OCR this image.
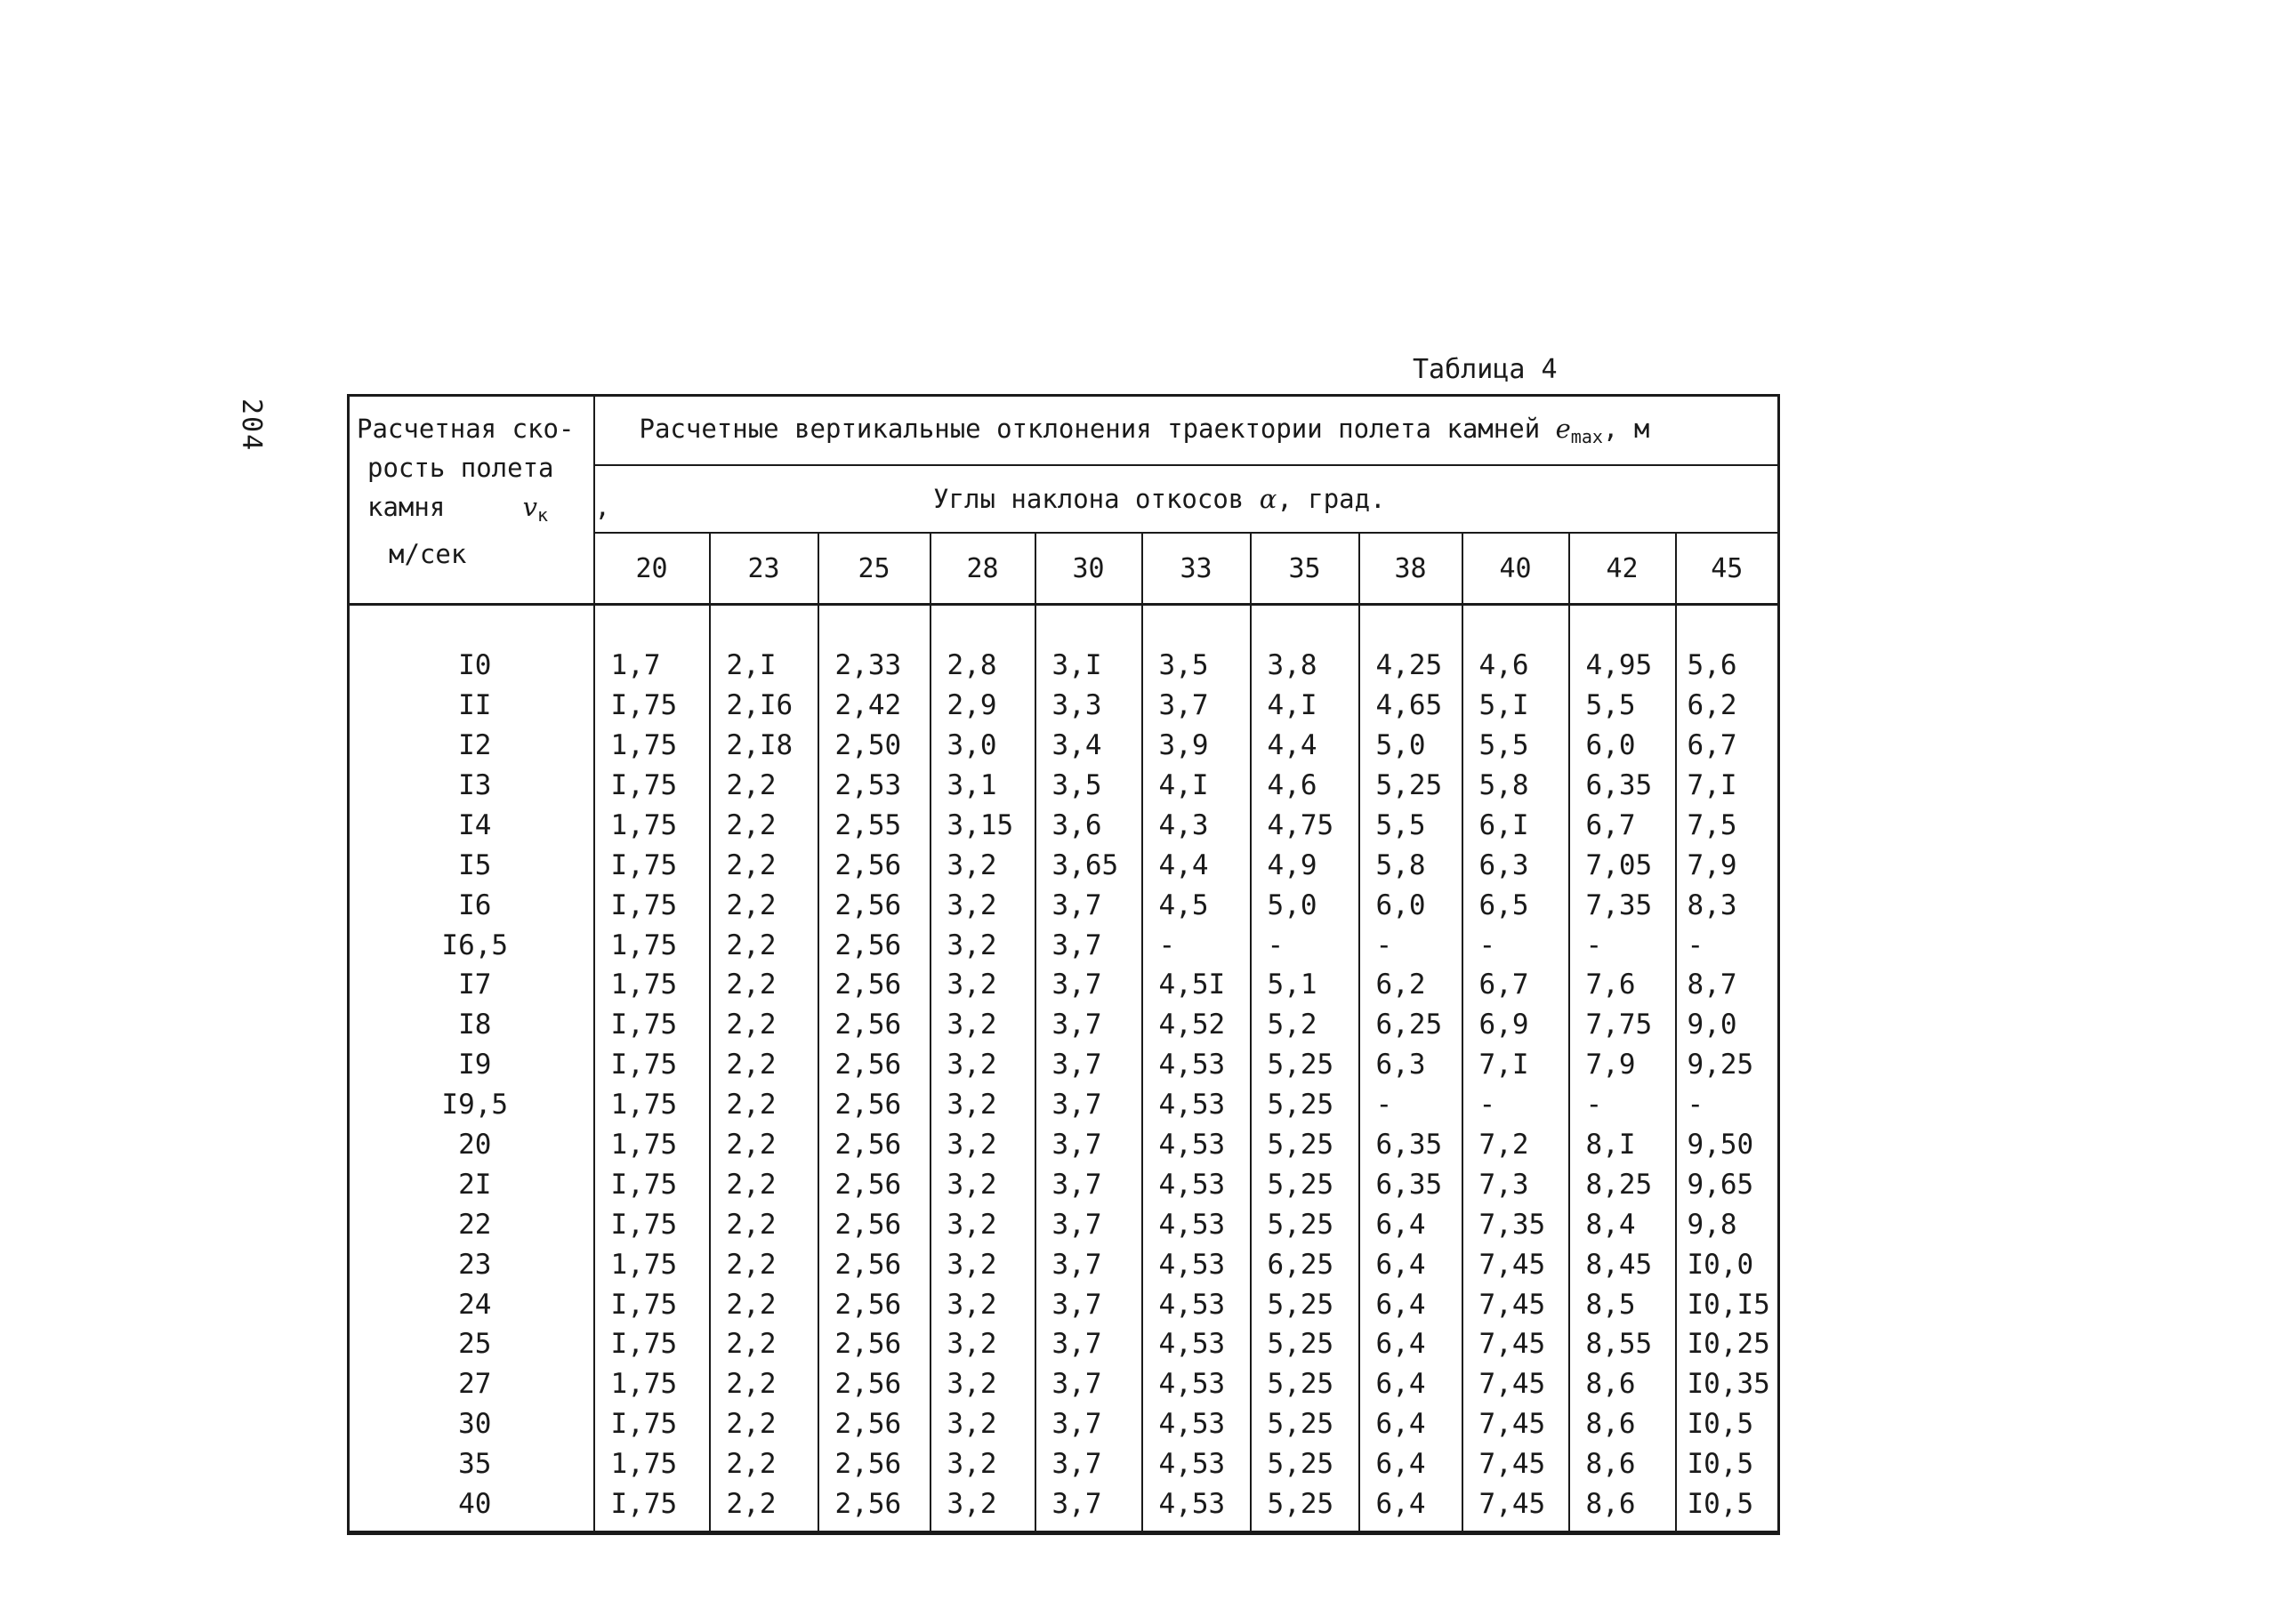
204
Таблица 4
Расчетная ско-
рость полета
камня $v_к$ ,
м/сек	Расчетные вертикальные отклонения траектории полета камней $e_{max}$, м										
	Углы наклона откосов α, град.										
	20	23	25	28	30	33	35	38	40	42	45

I0	1,7	2,I	2,33	2,8	3,I	3,5	3,8	4,25	4,6	4,95	5,6
II	I,75	2,I6	2,42	2,9	3,3	3,7	4,I	4,65	5,I	5,5	6,2
I2	1,75	2,I8	2,50	3,0	3,4	3,9	4,4	5,0	5,5	6,0	6,7
I3	I,75	2,2	2,53	3,1	3,5	4,I	4,6	5,25	5,8	6,35	7,I
I4	1,75	2,2	2,55	3,15	3,6	4,3	4,75	5,5	6,I	6,7	7,5
I5	I,75	2,2	2,56	3,2	3,65	4,4	4,9	5,8	6,3	7,05	7,9
I6	I,75	2,2	2,56	3,2	3,7	4,5	5,0	6,0	6,5	7,35	8,3
I6,5	1,75	2,2	2,56	3,2	3,7	-	-	-	-	-	-
I7	1,75	2,2	2,56	3,2	3,7	4,5I	5,1	6,2	6,7	7,6	8,7
I8	I,75	2,2	2,56	3,2	3,7	4,52	5,2	6,25	6,9	7,75	9,0
I9	I,75	2,2	2,56	3,2	3,7	4,53	5,25	6,3	7,I	7,9	9,25
I9,5	1,75	2,2	2,56	3,2	3,7	4,53	5,25	-	-	-	-
20	1,75	2,2	2,56	3,2	3,7	4,53	5,25	6,35	7,2	8,I	9,50
2I	I,75	2,2	2,56	3,2	3,7	4,53	5,25	6,35	7,3	8,25	9,65
22	I,75	2,2	2,56	3,2	3,7	4,53	5,25	6,4	7,35	8,4	9,8
23	1,75	2,2	2,56	3,2	3,7	4,53	6,25	6,4	7,45	8,45	I0,0
24	I,75	2,2	2,56	3,2	3,7	4,53	5,25	6,4	7,45	8,5	I0,I5
25	I,75	2,2	2,56	3,2	3,7	4,53	5,25	6,4	7,45	8,55	I0,25
27	1,75	2,2	2,56	3,2	3,7	4,53	5,25	6,4	7,45	8,6	I0,35
30	I,75	2,2	2,56	3,2	3,7	4,53	5,25	6,4	7,45	8,6	I0,5
35	1,75	2,2	2,56	3,2	3,7	4,53	5,25	6,4	7,45	8,6	I0,5
40	I,75	2,2	2,56	3,2	3,7	4,53	5,25	6,4	7,45	8,6	I0,5
